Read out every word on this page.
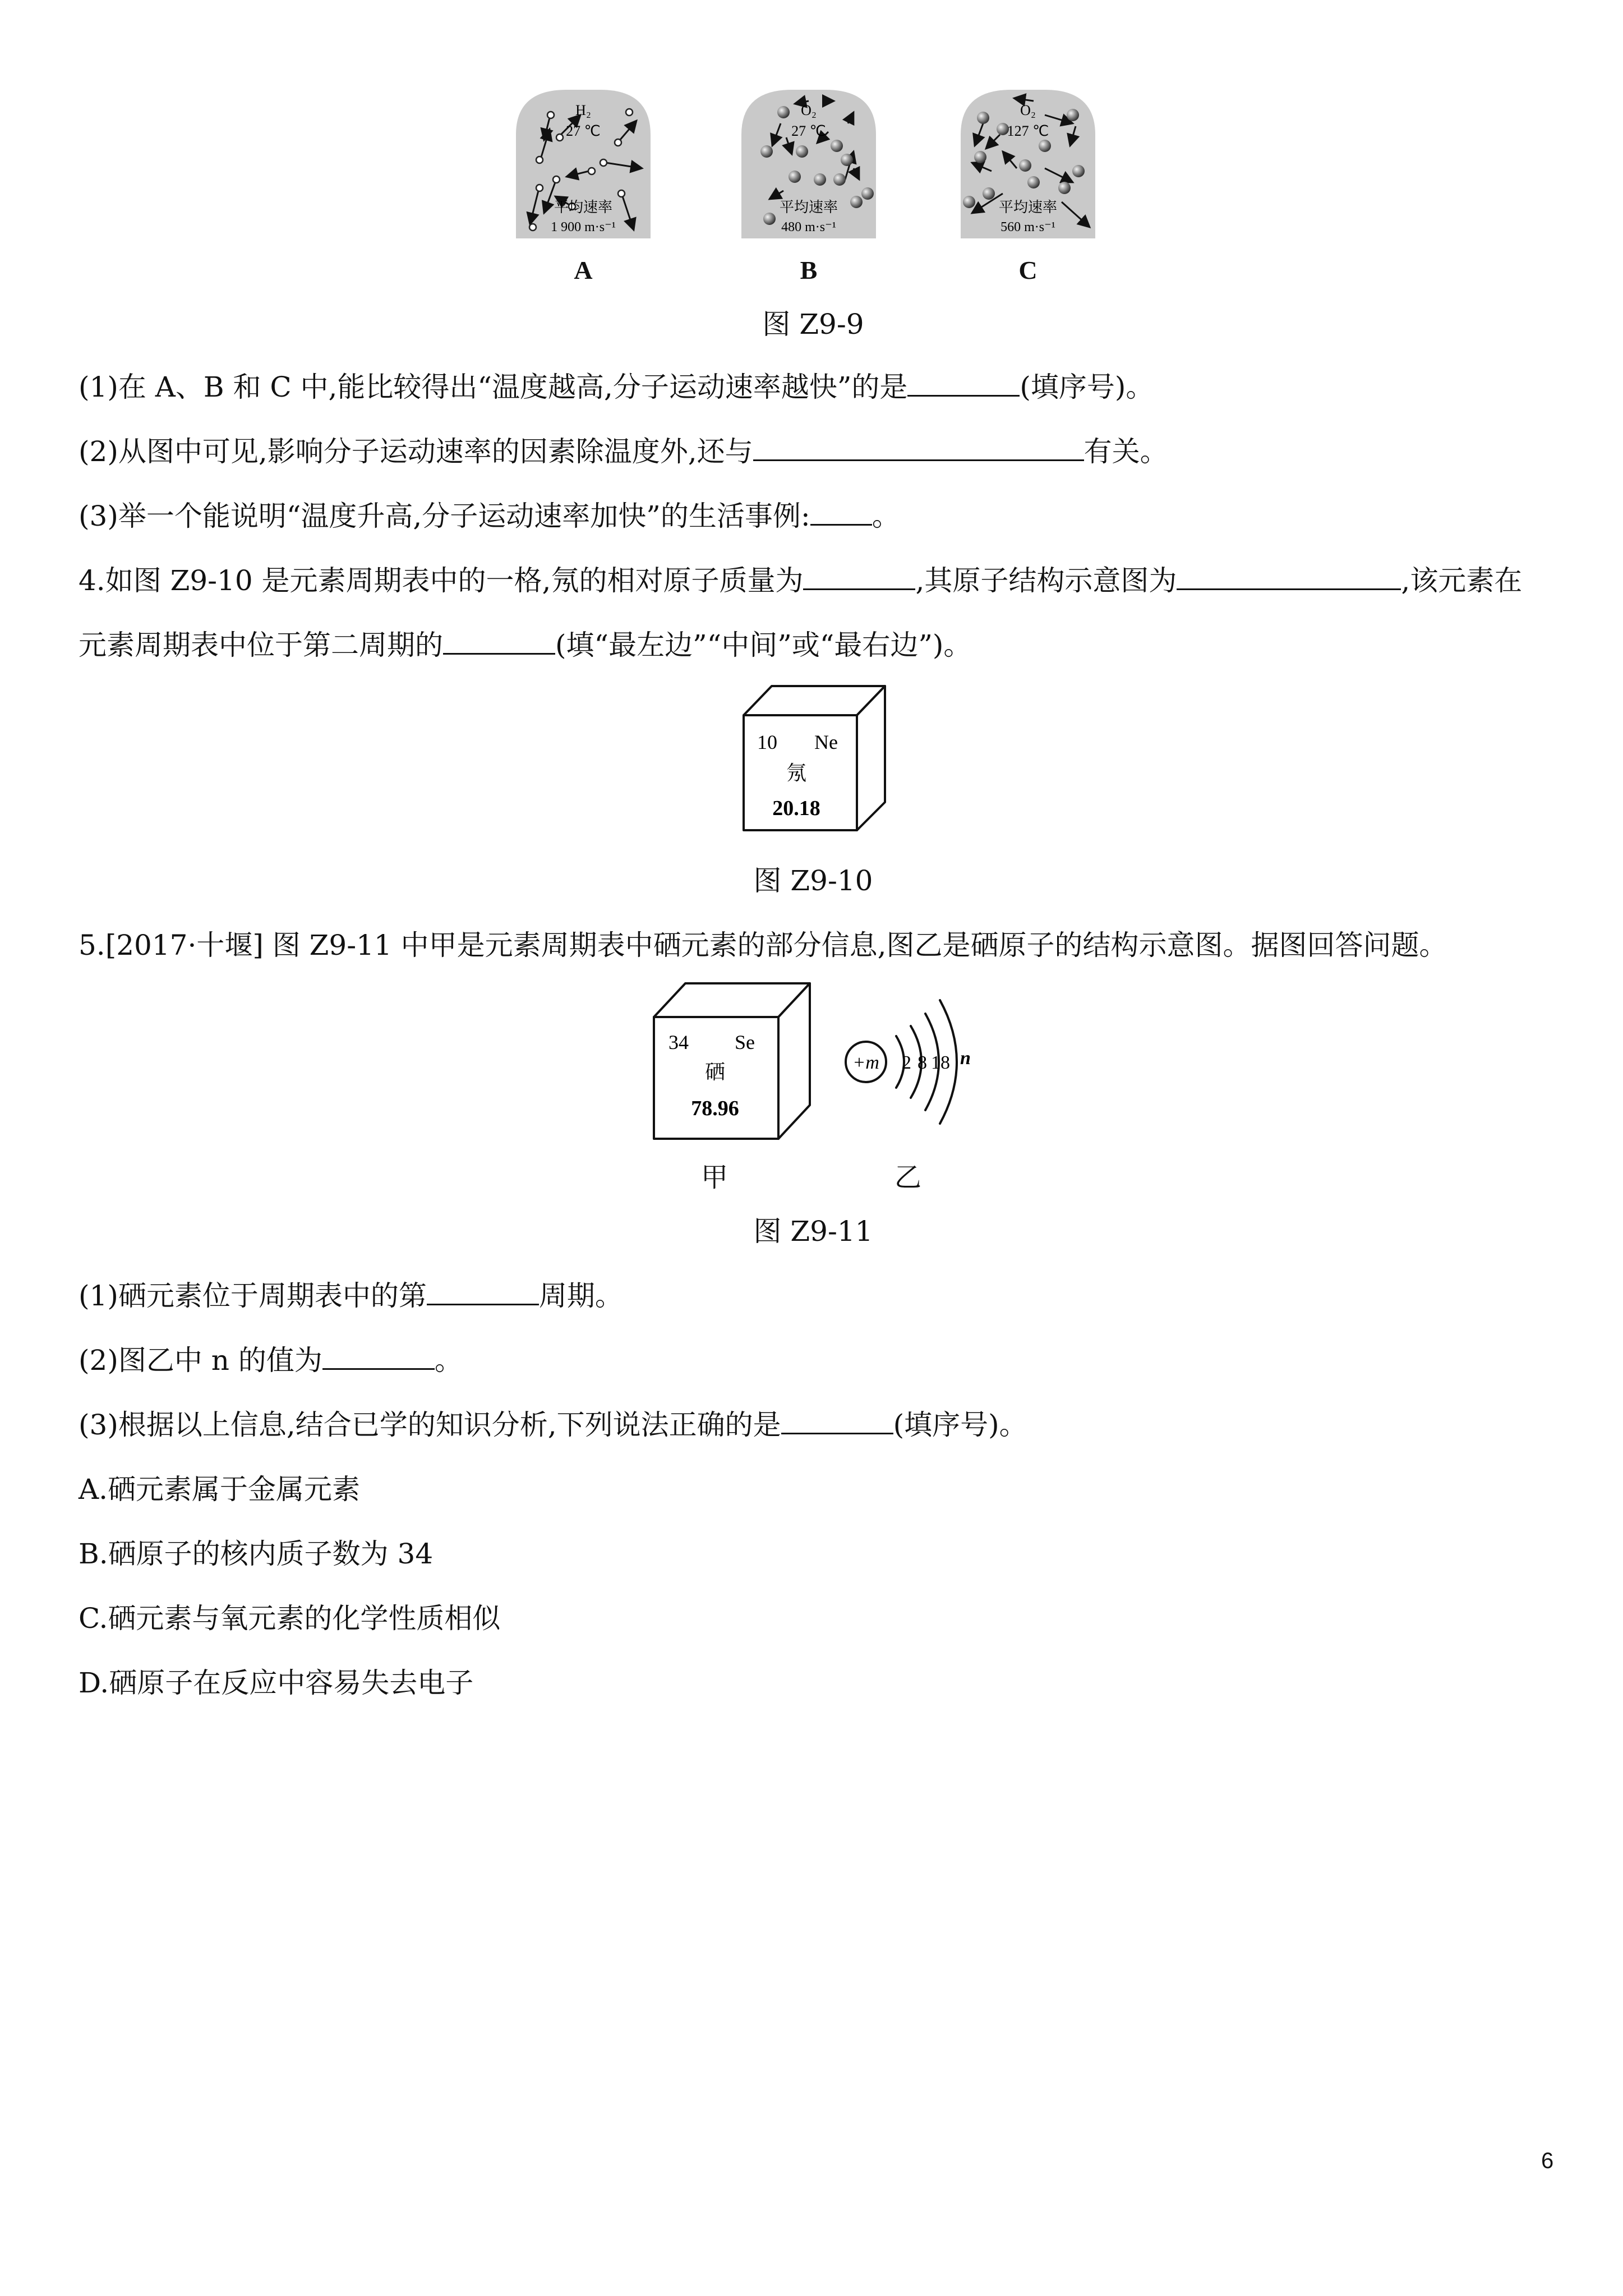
H₂
27 ℃
平均速率
1 900 m·s⁻¹
O₂
27 ℃
平均速率
480 m·s⁻¹
O₂
127 ℃
平均速率
560 m·s⁻¹
A	B	C
图 Z9-9
(1)在 A、B 和 C 中,能比较得出“温度越高,分子运动速率越快”的是	(填序号)。
(2)从图中可见,影响分子运动速率的因素除温度外,还与	有关。
(3)举一个能说明“温度升高,分子运动速率加快”的生活事例: 。
4.如图 Z9-10 是元素周期表中的一格,氖的相对原子质量为	,其原子结构示意图为	,该元素在
元素周期表中位于第二周期的	(填“最左边”“中间”或“最右边”)。
10 Ne
氖
20.18
图 Z9-10
5.[2017·十堰] 图 Z9-11 中甲是元素周期表中硒元素的部分信息,图乙是硒原子的结构示意图。据图回答问题。
34 Se
硒
78.96
+m 2 8 18 n
甲	乙
图 Z9-11
(1)硒元素位于周期表中的第	周期。
(2)图乙中 n 的值为	。
(3)根据以上信息,结合已学的知识分析,下列说法正确的是	(填序号)。
A.硒元素属于金属元素
B.硒原子的核内质子数为 34
C.硒元素与氧元素的化学性质相似
D.硒原子在反应中容易失去电子
6
